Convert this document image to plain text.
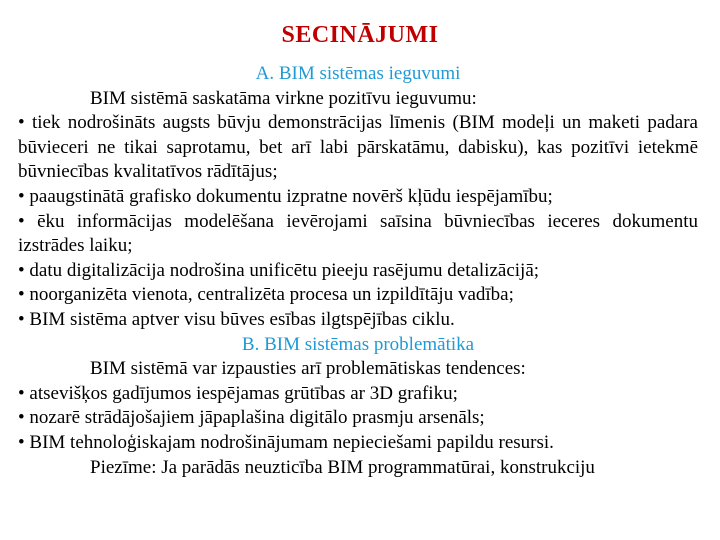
SECINĀJUMI

A. BIM sistēmas ieguvumi

BIM sistēmā saskatāma virkne pozitīvu ieguvumu:

• tiek nodrošināts augsts būvju demonstrācijas līmenis (BIM modeļi un maketi padara būvieceri ne tikai saprotamu, bet arī labi pārskatāmu, dabisku), kas pozitīvi ietekmē būvniecības kvalitatīvos rādītājus;

• paaugstinātā grafisko dokumentu izpratne novērš kļūdu iespējamību;

• ēku informācijas modelēšana ievērojami saīsina būvniecības ieceres dokumentu izstrādes laiku;

• datu digitalizācija nodrošina unificētu pieeju rasējumu detalizācijā;

• noorganizēta vienota, centralizēta procesa un izpildītāju vadība;

• BIM sistēma aptver visu būves esības ilgtspējības ciklu.

B. BIM sistēmas problemātika

BIM sistēmā var izpausties arī problemātiskas tendences:

• atsevišķos gadījumos iespējamas grūtības ar 3D grafiku;

• nozarē strādājošajiem jāpaplašina digitālo prasmju arsenāls;

• BIM tehnoloģiskajam nodrošinājumam nepieciešami papildu resursi.

Piezīme: Ja parādās neuzticība BIM programmatūrai, konstrukciju
